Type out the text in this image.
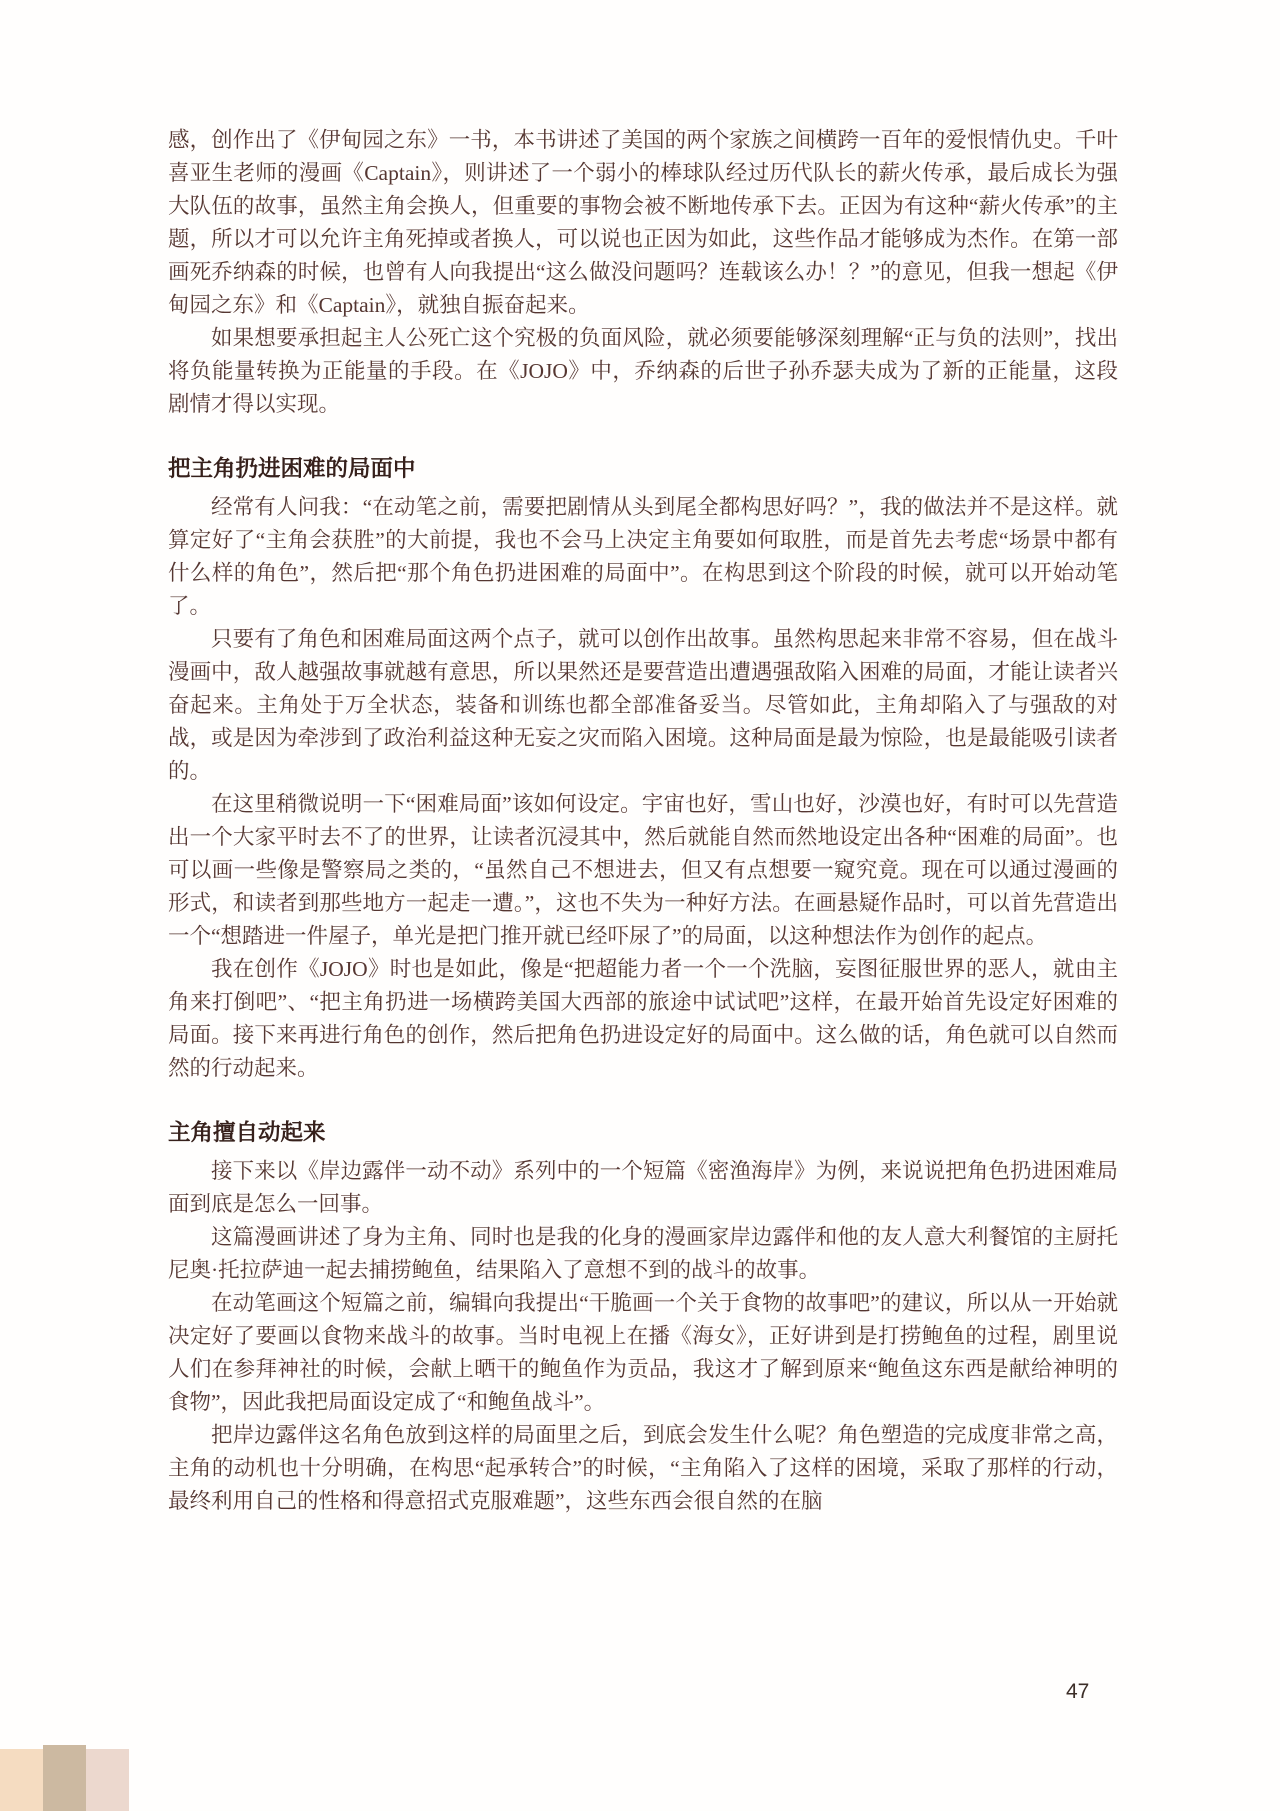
感，创作出了《伊甸园之东》一书，本书讲述了美国的两个家族之间横跨一百年的爱恨情仇史。千叶喜亚生老师的漫画《Captain》，则讲述了一个弱小的棒球队经过历代队长的薪火传承，最后成长为强大队伍的故事，虽然主角会换人，但重要的事物会被不断地传承下去。正因为有这种“薪火传承”的主题，所以才可以允许主角死掉或者换人，可以说也正因为如此，这些作品才能够成为杰作。在第一部画死乔纳森的时候，也曾有人向我提出“这么做没问题吗？连载该么办！？”的意见，但我一想起《伊甸园之东》和《Captain》，就独自振奋起来。

如果想要承担起主人公死亡这个究极的负面风险，就必须要能够深刻理解“正与负的法则”，找出将负能量转换为正能量的手段。在《JOJO》中，乔纳森的后世子孙乔瑟夫成为了新的正能量，这段剧情才得以实现。

把主角扔进困难的局面中

经常有人问我：“在动笔之前，需要把剧情从头到尾全都构思好吗？”，我的做法并不是这样。就算定好了“主角会获胜”的大前提，我也不会马上决定主角要如何取胜，而是首先去考虑“场景中都有什么样的角色”，然后把“那个角色扔进困难的局面中”。在构思到这个阶段的时候，就可以开始动笔了。

只要有了角色和困难局面这两个点子，就可以创作出故事。虽然构思起来非常不容易，但在战斗漫画中，敌人越强故事就越有意思，所以果然还是要营造出遭遇强敌陷入困难的局面，才能让读者兴奋起来。主角处于万全状态，装备和训练也都全部准备妥当。尽管如此，主角却陷入了与强敌的对战，或是因为牵涉到了政治利益这种无妄之灾而陷入困境。这种局面是最为惊险，也是最能吸引读者的。

在这里稍微说明一下“困难局面”该如何设定。宇宙也好，雪山也好，沙漠也好，有时可以先营造出一个大家平时去不了的世界，让读者沉浸其中，然后就能自然而然地设定出各种“困难的局面”。也可以画一些像是警察局之类的，“虽然自己不想进去，但又有点想要一窥究竟。现在可以通过漫画的形式，和读者到那些地方一起走一遭。”，这也不失为一种好方法。在画悬疑作品时，可以首先营造出一个“想踏进一件屋子，单光是把门推开就已经吓尿了”的局面，以这种想法作为创作的起点。

我在创作《JOJO》时也是如此，像是“把超能力者一个一个洗脑，妄图征服世界的恶人，就由主角来打倒吧”、“把主角扔进一场横跨美国大西部的旅途中试试吧”这样，在最开始首先设定好困难的局面。接下来再进行角色的创作，然后把角色扔进设定好的局面中。这么做的话，角色就可以自然而然的行动起来。

主角擅自动起来

接下来以《岸边露伴一动不动》系列中的一个短篇《密渔海岸》为例，来说说把角色扔进困难局面到底是怎么一回事。

这篇漫画讲述了身为主角、同时也是我的化身的漫画家岸边露伴和他的友人意大利餐馆的主厨托尼奥·托拉萨迪一起去捕捞鲍鱼，结果陷入了意想不到的战斗的故事。

在动笔画这个短篇之前，编辑向我提出“干脆画一个关于食物的故事吧”的建议，所以从一开始就决定好了要画以食物来战斗的故事。当时电视上在播《海女》，正好讲到是打捞鲍鱼的过程，剧里说人们在参拜神社的时候，会献上晒干的鲍鱼作为贡品，我这才了解到原来“鲍鱼这东西是献给神明的食物”，因此我把局面设定成了“和鲍鱼战斗”。

把岸边露伴这名角色放到这样的局面里之后，到底会发生什么呢？角色塑造的完成度非常之高，主角的动机也十分明确，在构思“起承转合”的时候，“主角陷入了这样的困境，采取了那样的行动，最终利用自己的性格和得意招式克服难题”，这些东西会很自然的在脑

47
